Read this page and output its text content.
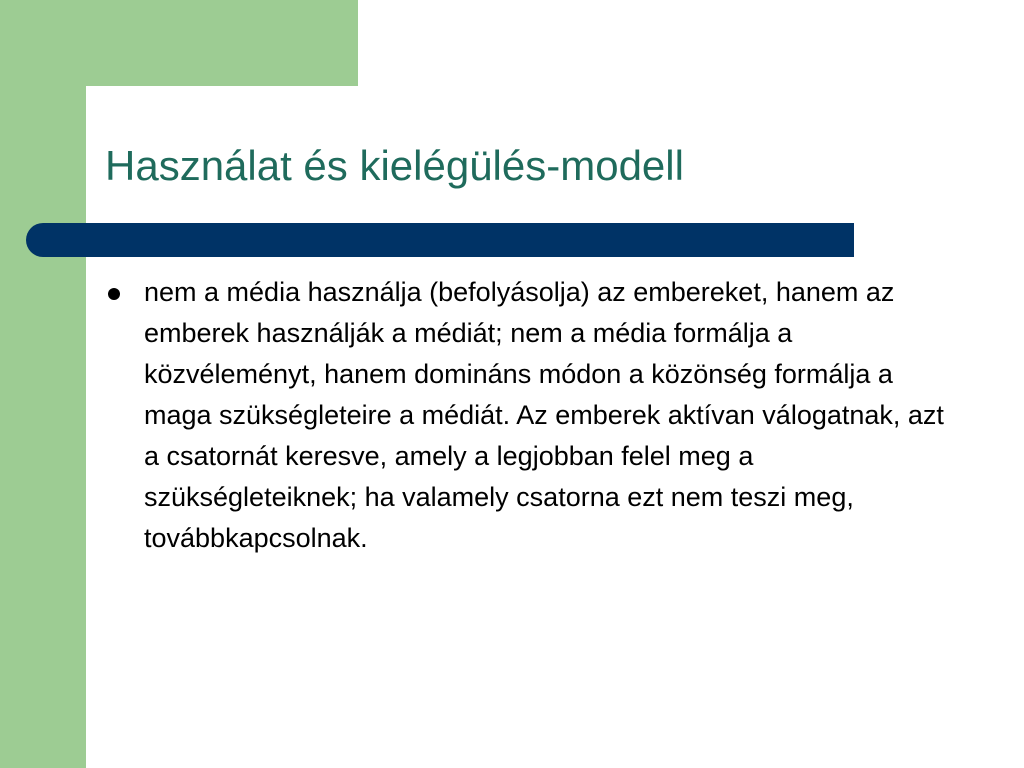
Használat és kielégülés-modell
nem a média használja (befolyásolja) az embereket, hanem az emberek használják a médiát; nem a média formálja a közvéleményt, hanem domináns módon a közönség formálja a maga szükségleteire a médiát. Az emberek aktívan válogatnak, azt a csatornát keresve, amely a legjobban felel meg a szükségleteiknek; ha valamely csatorna ezt nem teszi meg, továbbkapcsolnak.
